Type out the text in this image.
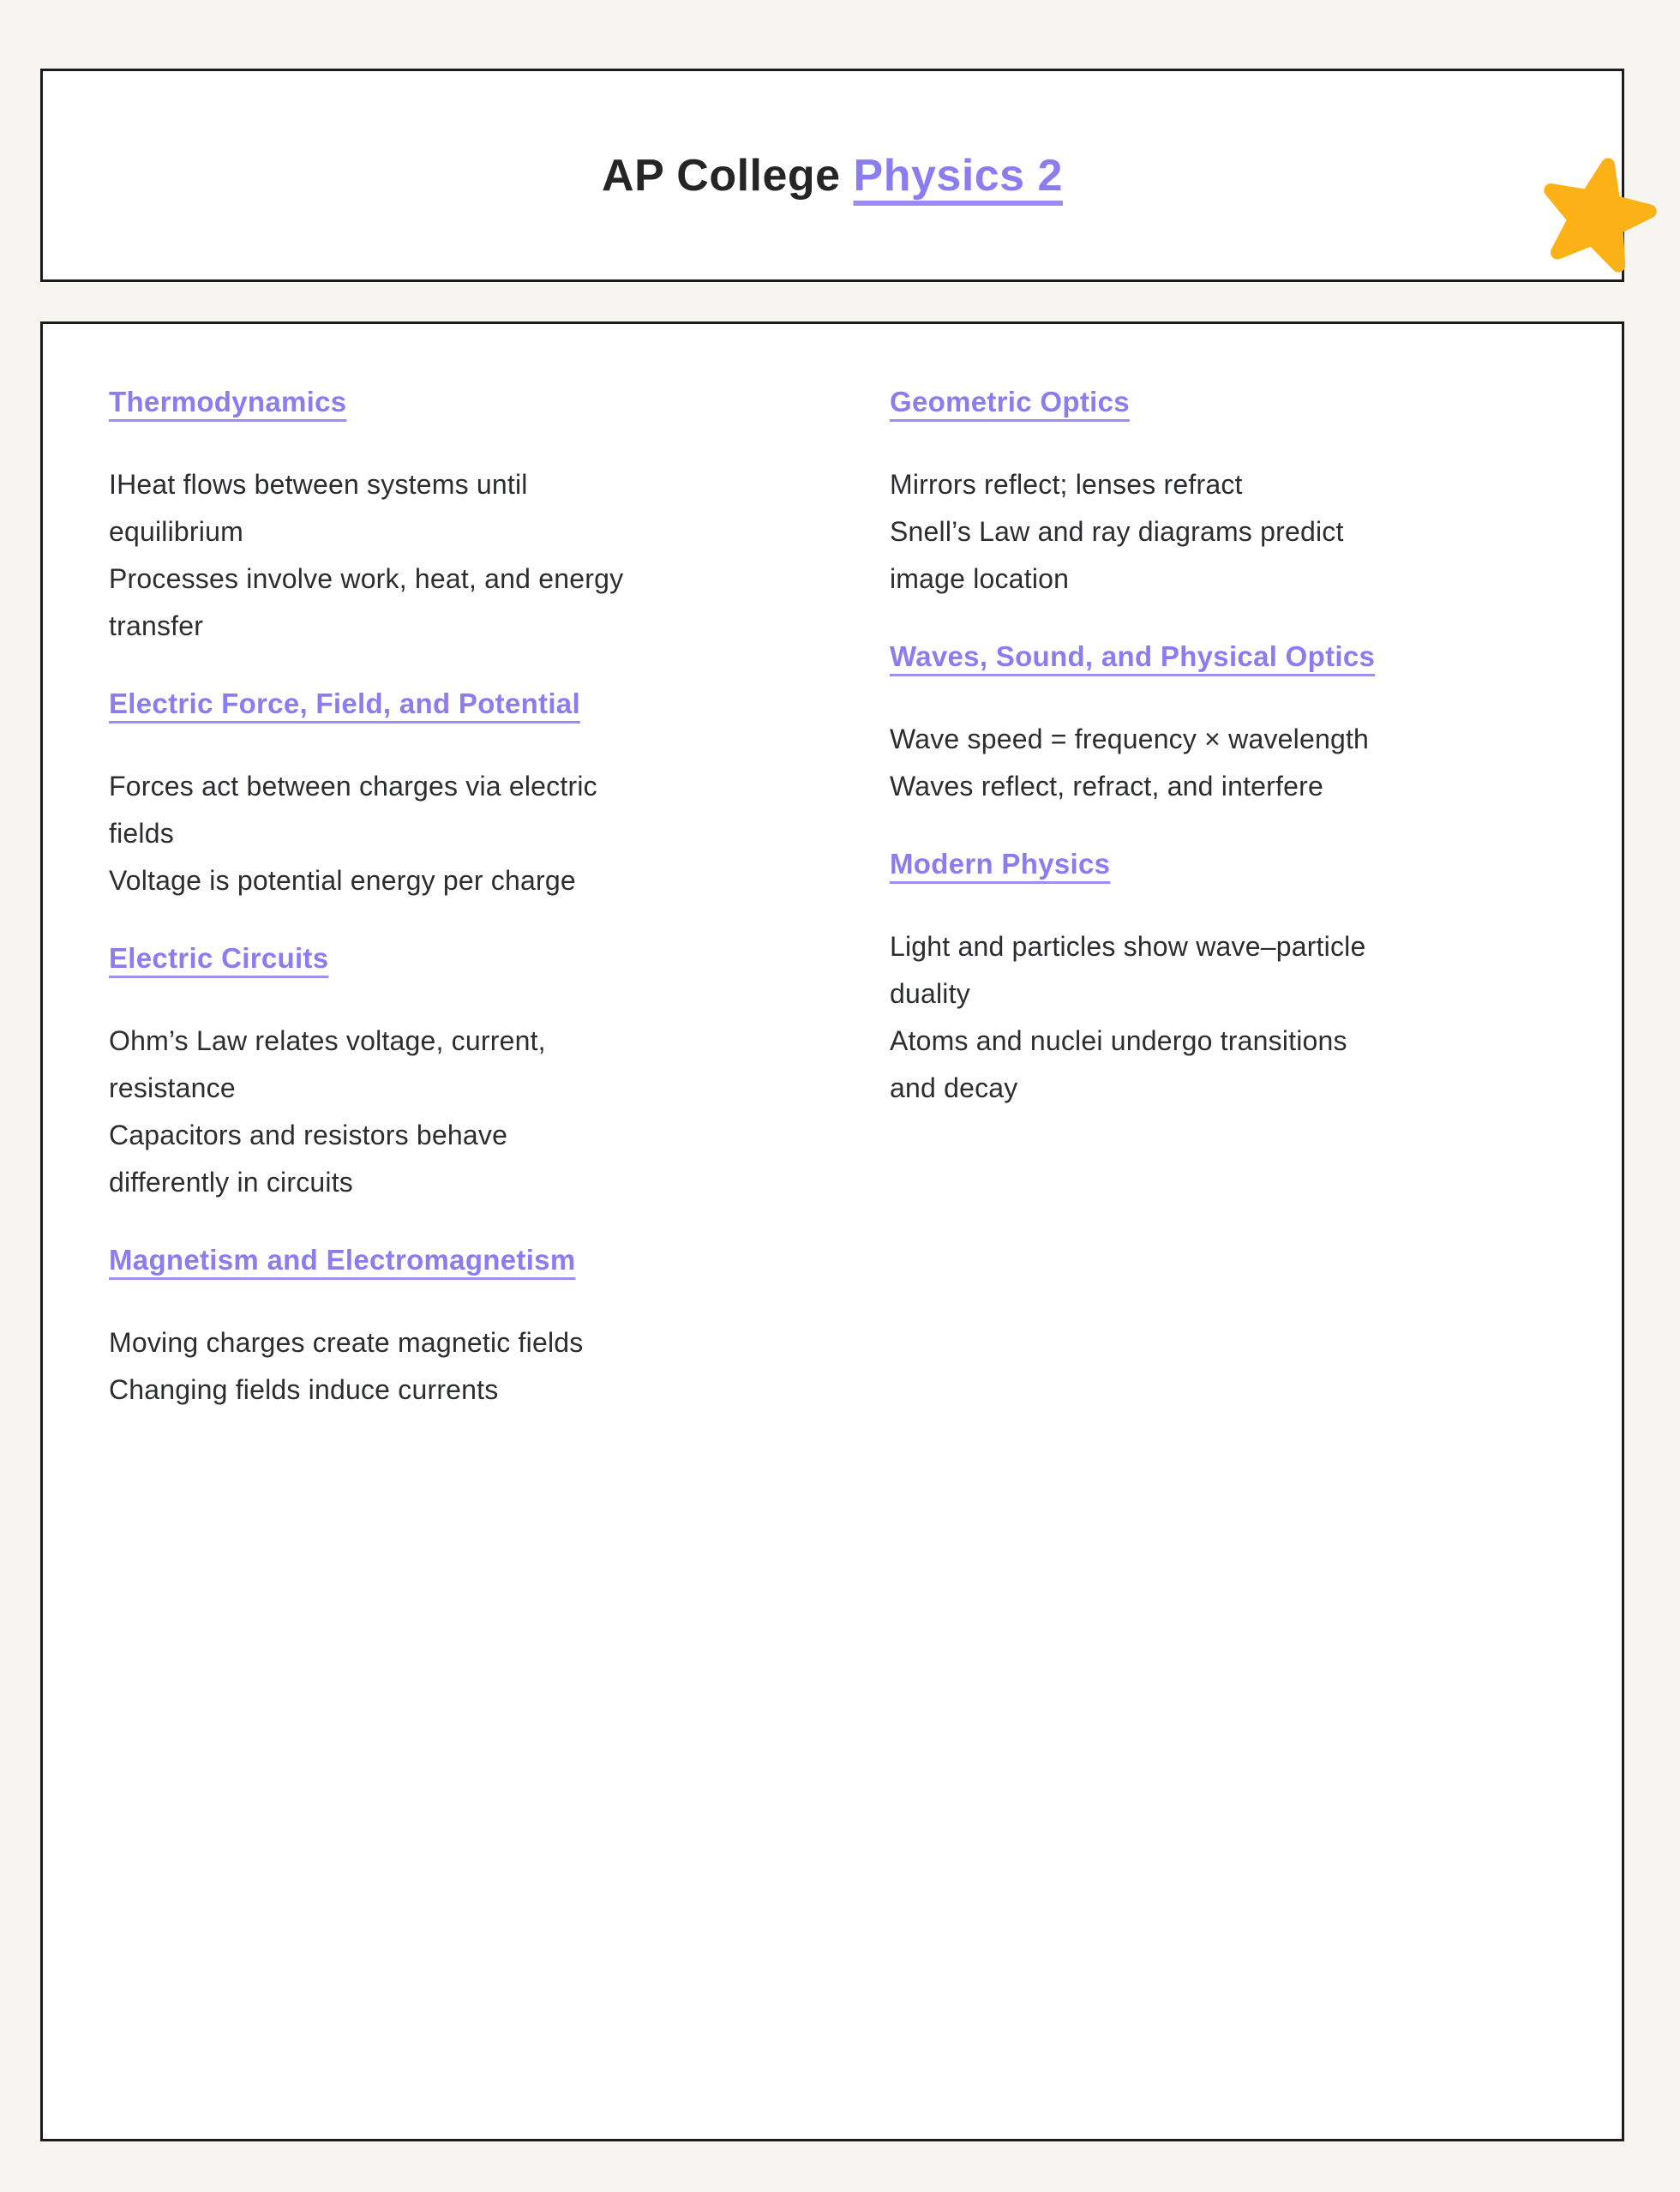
AP College Physics 2
Thermodynamics
IHeat flows between systems until
equilibrium
Processes involve work, heat, and energy
transfer
Electric Force, Field, and Potential
Forces act between charges via electric
fields
Voltage is potential energy per charge
Electric Circuits
Ohm’s Law relates voltage, current,
resistance
Capacitors and resistors behave
differently in circuits
Magnetism and Electromagnetism
Moving charges create magnetic fields
Changing fields induce currents
Geometric Optics
Mirrors reflect; lenses refract
Snell’s Law and ray diagrams predict
image location
Waves, Sound, and Physical Optics
Wave speed = frequency × wavelength
Waves reflect, refract, and interfere
Modern Physics
Light and particles show wave–particle
duality
Atoms and nuclei undergo transitions
and decay
